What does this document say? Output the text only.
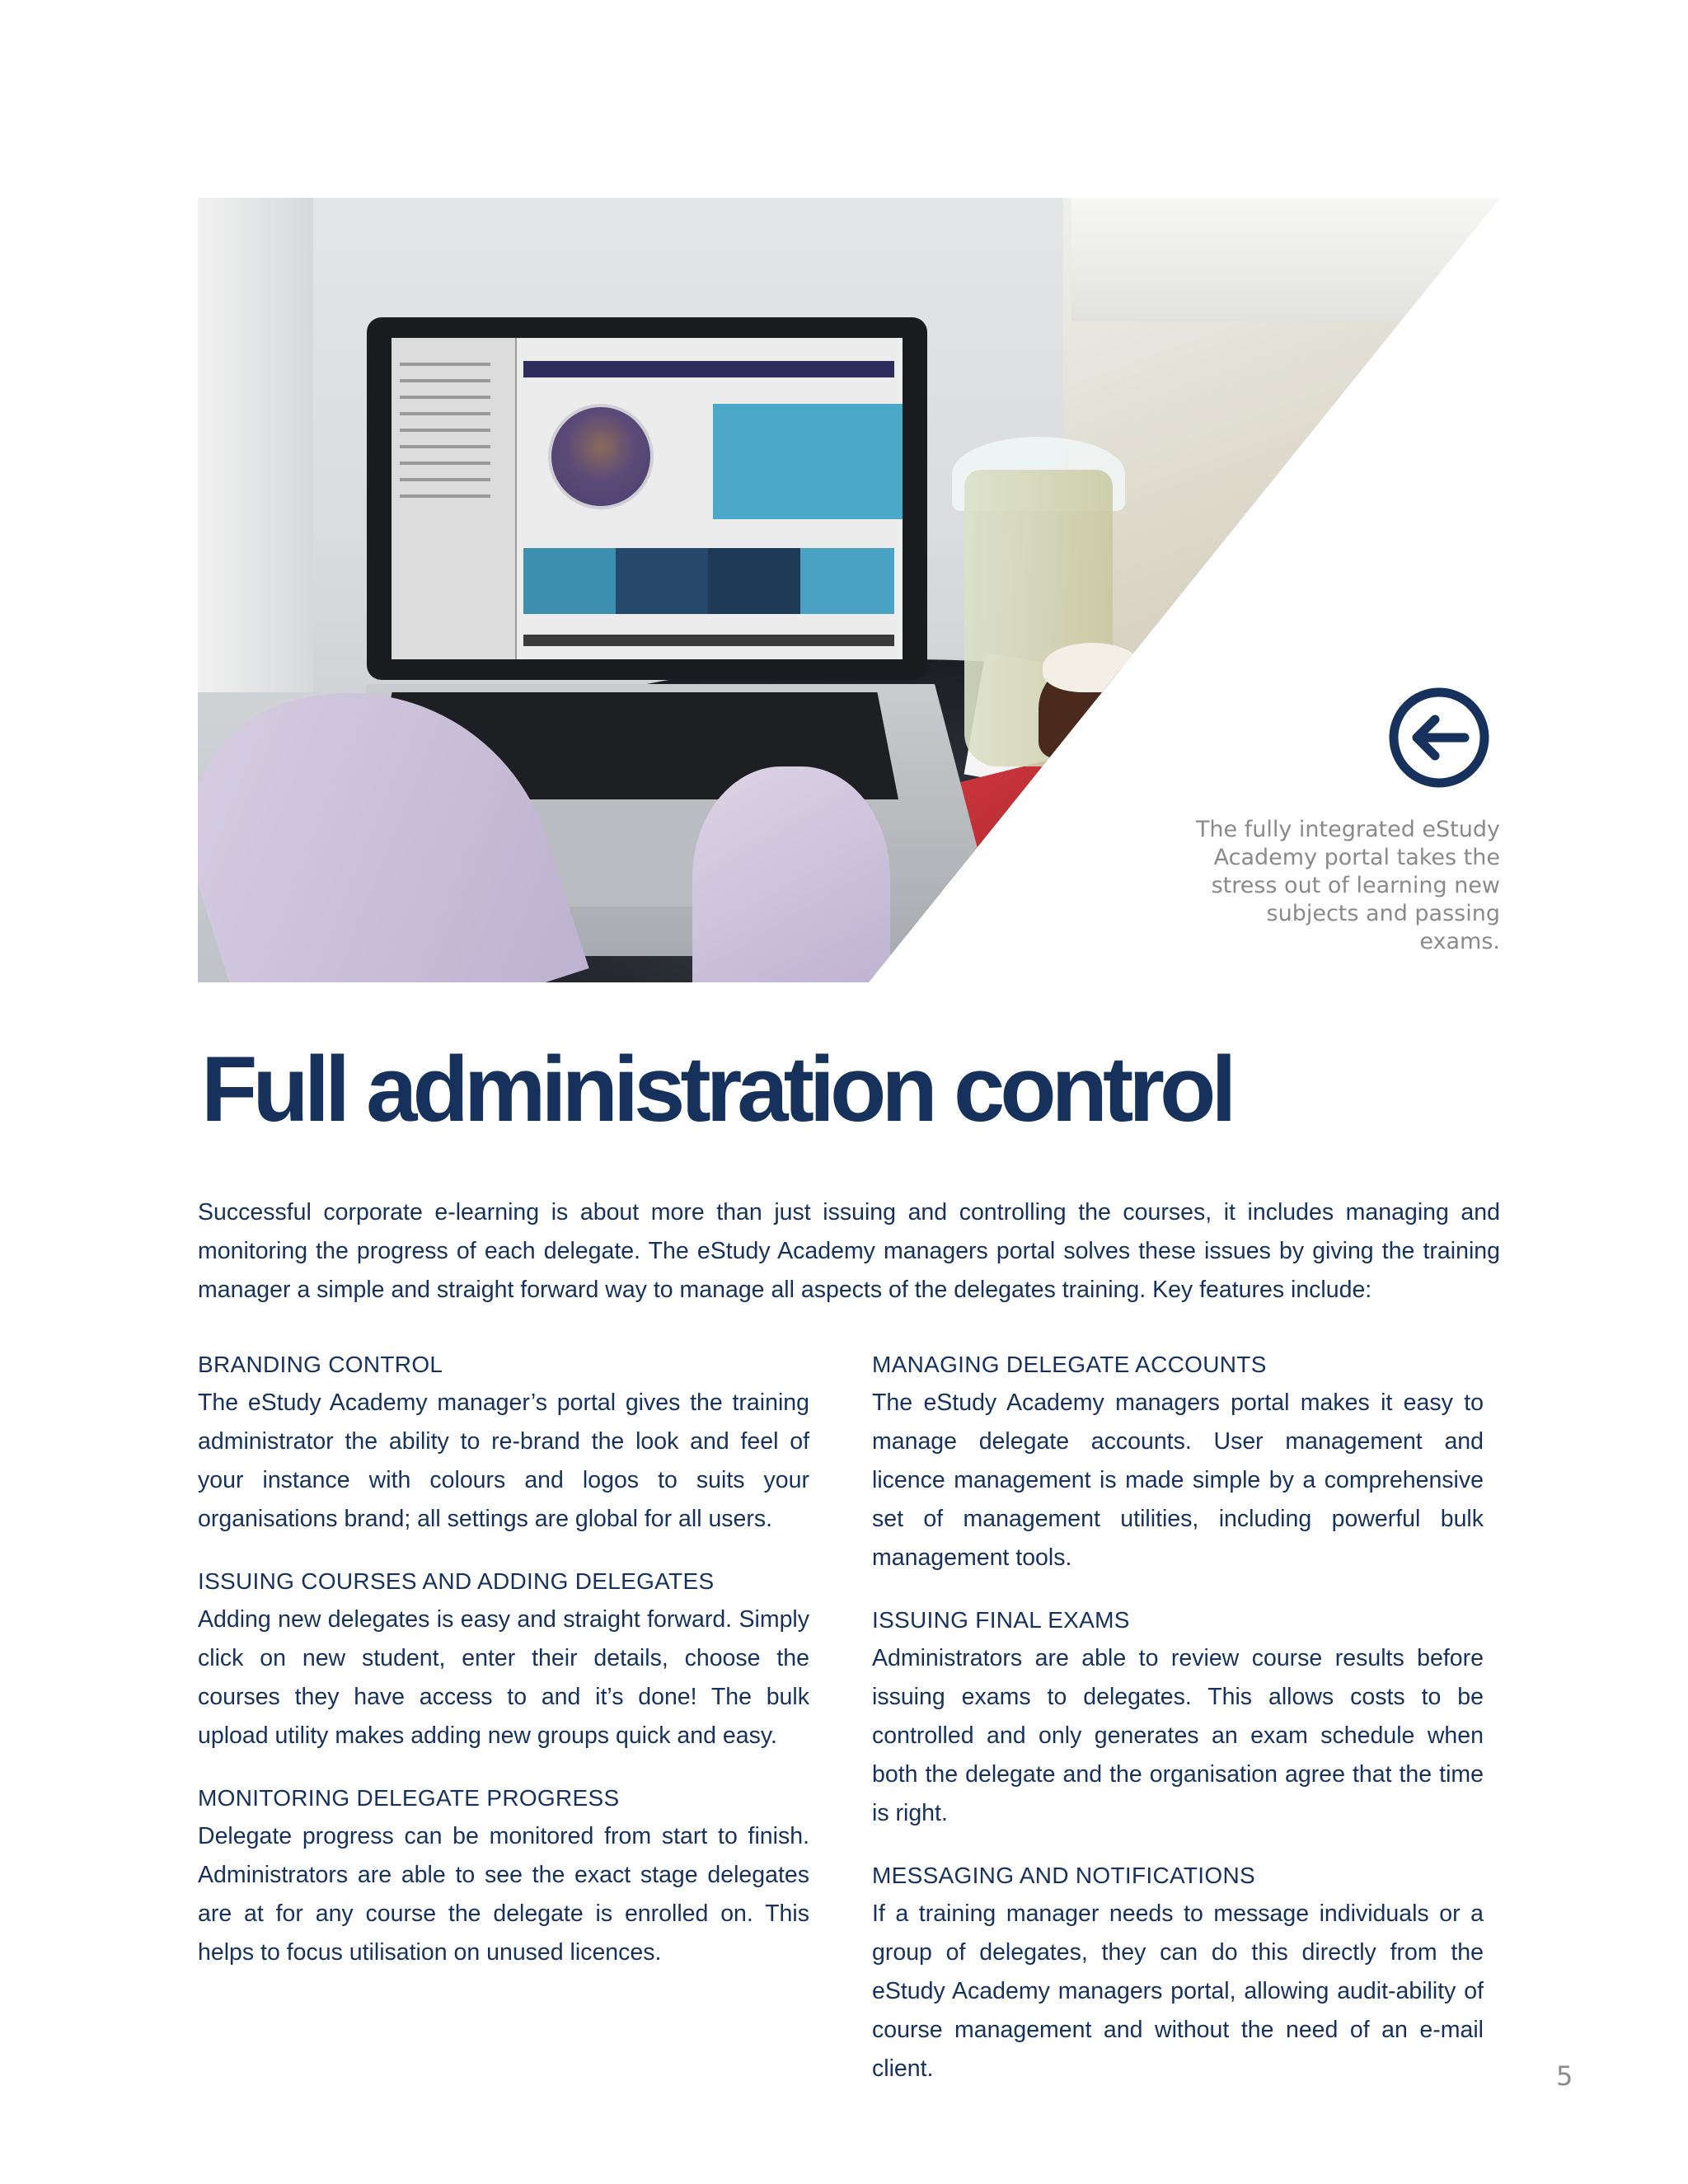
The fully integrated eStudy Academy portal takes the stress out of learning new subjects and passing exams.
Full administration control

Successful corporate e-learning is about more than just issuing and controlling the courses, it includes managing and monitoring the progress of each delegate. The eStudy Academy managers portal solves these issues by giving the training manager a simple and straight forward way to manage all aspects of the delegates training. Key features include:

BRANDING CONTROL

The eStudy Academy manager’s portal gives the training administrator the ability to re-brand the look and feel of your instance with colours and logos to suits your organisations brand; all settings are global for all users.

ISSUING COURSES AND ADDING DELEGATES

Adding new delegates is easy and straight forward. Simply click on new student, enter their details, choose the courses they have access to and it’s done! The bulk upload utility makes adding new groups quick and easy.

MONITORING DELEGATE PROGRESS

Delegate progress can be monitored from start to finish. Administrators are able to see the exact stage delegates are at for any course the delegate is enrolled on. This helps to focus utilisation on unused licences.

MANAGING DELEGATE ACCOUNTS

The eStudy Academy managers portal makes it easy to manage delegate accounts. User management and licence management is made simple by a comprehensive set of management utilities, including powerful bulk management tools.

ISSUING FINAL EXAMS

Administrators are able to review course results before issuing exams to delegates. This allows costs to be controlled and only generates an exam schedule when both the delegate and the organisation agree that the time is right.

MESSAGING AND NOTIFICATIONS

If a training manager needs to message individuals or a group of delegates, they can do this directly from the eStudy Academy managers portal, allowing audit-ability of course management and without the need of an e-mail client.	5
